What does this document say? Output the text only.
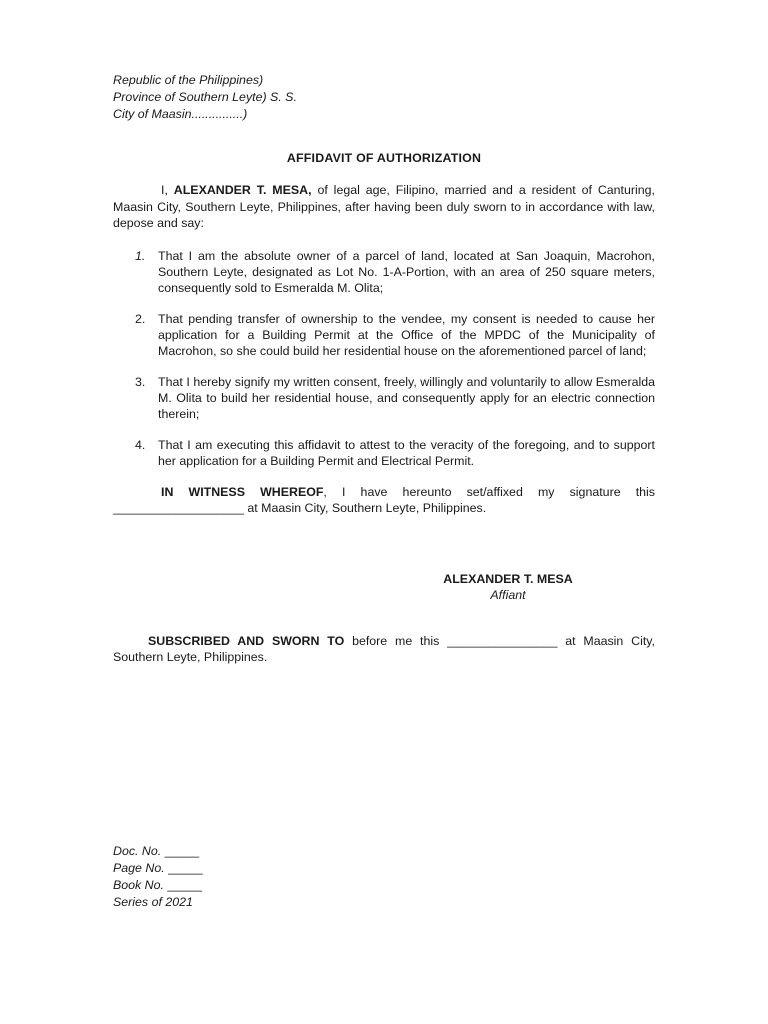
Republic of the Philippines)
Province of Southern Leyte) S. S.
City of Maasin...............)
AFFIDAVIT OF AUTHORIZATION
I, ALEXANDER T. MESA, of legal age, Filipino, married and a resident of Canturing, Maasin City, Southern Leyte, Philippines, after having been duly sworn to in accordance with law, depose and say:
1. That I am the absolute owner of a parcel of land, located at San Joaquin, Macrohon, Southern Leyte, designated as Lot No. 1-A-Portion, with an area of 250 square meters, consequently sold to Esmeralda M. Olita;
2. That pending transfer of ownership to the vendee, my consent is needed to cause her application for a Building Permit at the Office of the MPDC of the Municipality of Macrohon, so she could build her residential house on the aforementioned parcel of land;
3. That I hereby signify my written consent, freely, willingly and voluntarily to allow Esmeralda M. Olita to build her residential house, and consequently apply for an electric connection therein;
4. That I am executing this affidavit to attest to the veracity of the foregoing, and to support her application for a Building Permit and Electrical Permit.
IN WITNESS WHEREOF, I have hereunto set/affixed my signature this ___________________ at Maasin City, Southern Leyte, Philippines.
ALEXANDER T. MESA
Affiant
SUBSCRIBED AND SWORN TO before me this ________________ at Maasin City, Southern Leyte, Philippines.
Doc. No. _____
Page No. _____
Book No. _____
Series of 2021
